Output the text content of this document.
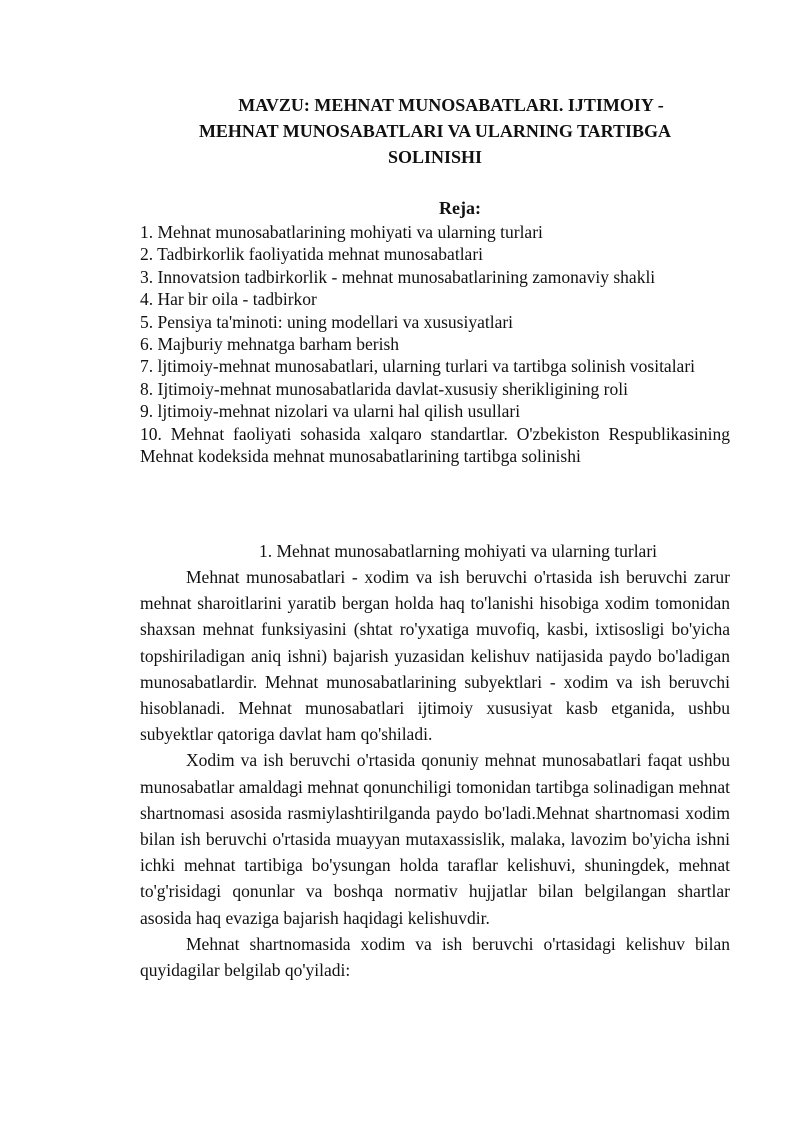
MAVZU: MEHNAT MUNOSABATLARI. IJTIMOIY -
MEHNAT MUNOSABATLARI VA ULARNING TARTIBGA
SOLINISHI
Reja:
1. Mehnat munosabatlarining mohiyati va ularning turlari
2. Tadbirkorlik faoliyatida mehnat munosabatlari
3. Innovatsion tadbirkorlik - mehnat munosabatlarining zamonaviy shakli
4. Har bir oila - tadbirkor
5. Pensiya ta'minoti: uning modellari va xususiyatlari
6. Majburiy mehnatga barham berish
7. ljtimoiy-mehnat munosabatlari, ularning turlari va tartibga solinish vositalari
8. Ijtimoiy-mehnat munosabatlarida davlat-xususiy sherikligining roli
9. ljtimoiy-mehnat nizolari va ularni hal qilish usullari
10. Mehnat faoliyati sohasida xalqaro standartlar. O'zbekiston Respublikasining Mehnat kodeksida mehnat munosabatlarining tartibga solinishi
1. Mehnat munosabatlarning mohiyati va ularning turlari

Mehnat munosabatlari - xodim va ish beruvchi o'rtasida ish beruvchi zarur mehnat sharoitlarini yaratib bergan holda haq to'lanishi hisobiga xodim tomonidan shaxsan mehnat funksiyasini (shtat ro'yxatiga muvofiq, kasbi, ixtisosligi bo'yicha topshiriladigan aniq ishni) bajarish yuzasidan kelishuv natijasida paydo bo'ladigan munosabatlardir. Mehnat munosabatlarining subyektlari - xodim va ish beruvchi hisoblanadi. Mehnat munosabatlari ijtimoiy xususiyat kasb etganida, ushbu subyektlar qatoriga davlat ham qo'shiladi.

Xodim va ish beruvchi o'rtasida qonuniy mehnat munosabatlari faqat ushbu munosabatlar amaldagi mehnat qonunchiligi tomonidan tartibga solinadigan mehnat shartnomasi asosida rasmiylashtirilganda paydo bo'ladi.Mehnat shartnomasi xodim bilan ish beruvchi o'rtasida muayyan mutaxassislik, malaka, lavozim bo'yicha ishni ichki mehnat tartibiga bo'ysungan holda taraflar kelishuvi, shuningdek, mehnat to'g'risidagi qonunlar va boshqa normativ hujjatlar bilan belgilangan shartlar asosida haq evaziga bajarish haqidagi kelishuvdir.

Mehnat shartnomasida xodim va ish beruvchi o'rtasidagi kelishuv bilan quyidagilar belgilab qo'yiladi:
